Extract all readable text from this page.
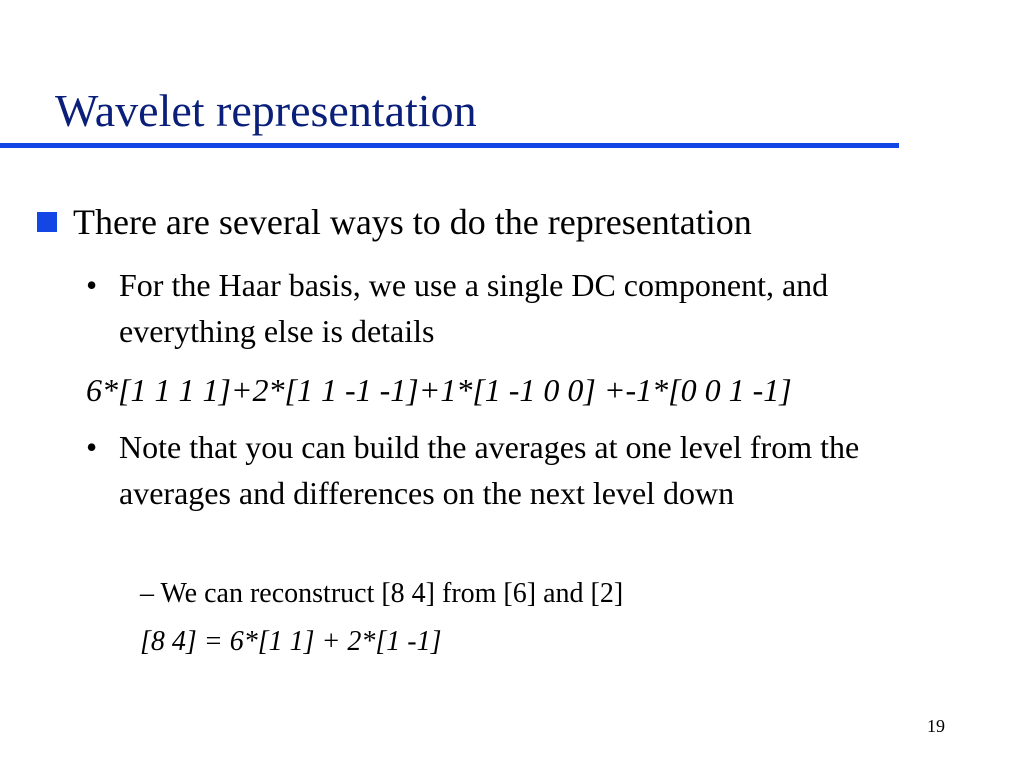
Wavelet representation
There are several ways to do the representation
• For the Haar basis, we use a single DC component, and everything else is details
6*[1 1 1 1]+2*[1 1 -1 -1]+1*[1 -1 0 0] +-1*[0 0 1 -1]
• Note that you can build the averages at one level from the averages and differences on the next level down
– We can reconstruct [8 4] from [6] and [2]
[8 4] = 6*[1 1] + 2*[1 -1]
19
